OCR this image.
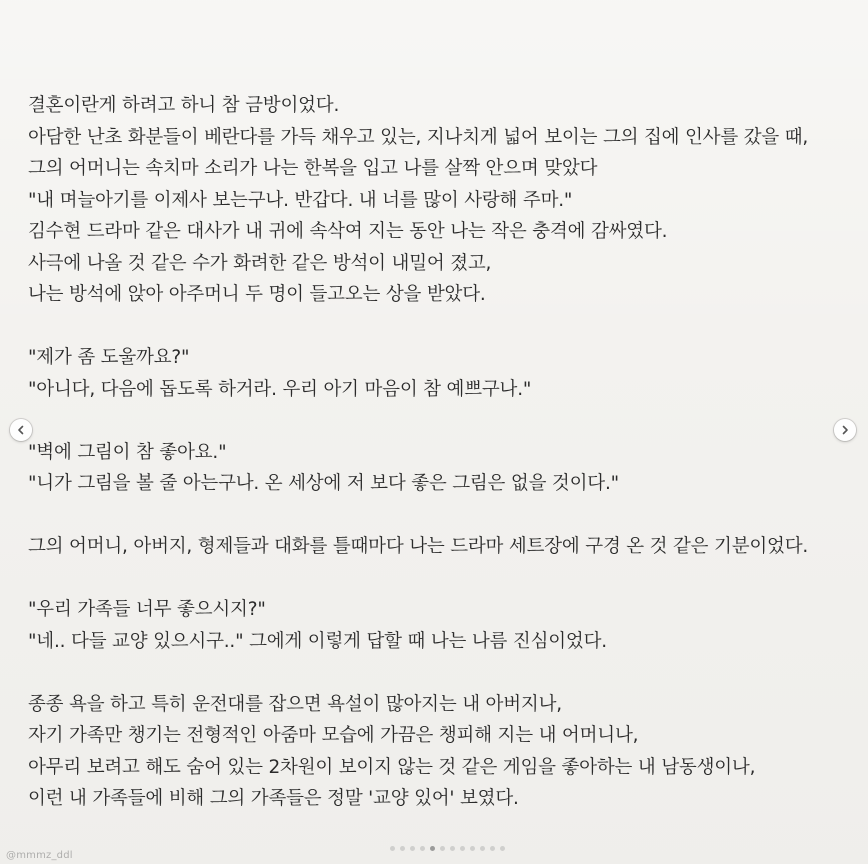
결혼이란게 하려고 하니 참 금방이었다.
아담한 난초 화분들이 베란다를 가득 채우고 있는, 지나치게 넓어 보이는 그의 집에 인사를 갔을 때,
그의 어머니는 속치마 소리가 나는 한복을 입고 나를 살짝 안으며 맞았다
"내 며늘아기를 이제사 보는구나. 반갑다. 내 너를 많이 사랑해 주마."
김수현 드라마 같은 대사가 내 귀에 속삭여 지는 동안 나는 작은 충격에 감싸였다.
사극에 나올 것 같은 수가 화려한 같은 방석이 내밀어 졌고,
나는 방석에 앉아 아주머니 두 명이 들고오는 상을 받았다.
"제가 좀 도울까요?"
"아니다, 다음에 돕도록 하거라. 우리 아기 마음이 참 예쁘구나."
"벽에 그림이 참 좋아요."
"니가 그림을 볼 줄 아는구나. 온 세상에 저 보다 좋은 그림은 없을 것이다."
그의 어머니, 아버지, 형제들과 대화를 틀때마다 나는 드라마 세트장에 구경 온 것 같은 기분이었다.
"우리 가족들 너무 좋으시지?"
"네.. 다들 교양 있으시구.." 그에게 이렇게 답할 때 나는 나름 진심이었다.
종종 욕을 하고 특히 운전대를 잡으면 욕설이 많아지는 내 아버지나,
자기 가족만 챙기는 전형적인 아줌마 모습에 가끔은 챙피해 지는 내 어머니나,
아무리 보려고 해도 숨어 있는 2차원이 보이지 않는 것 같은 게임을 좋아하는 내 남동생이나,
이런 내 가족들에 비해 그의 가족들은 정말 '교양 있어' 보였다.
@mmmz_ddl
